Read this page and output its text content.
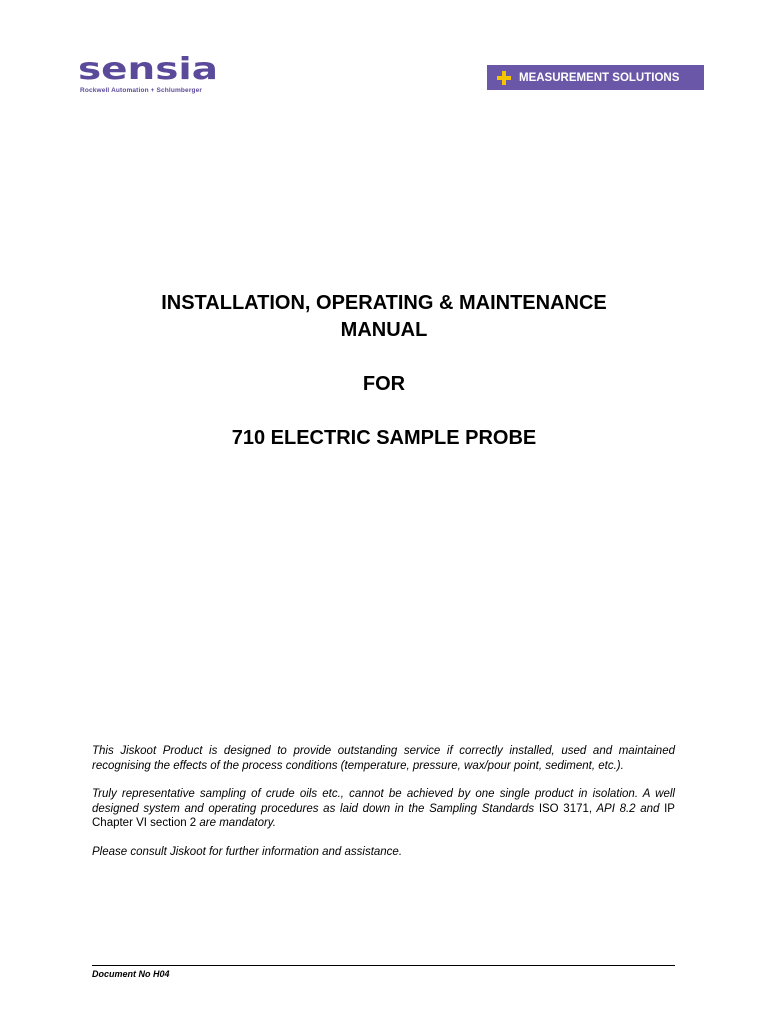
sensia
Rockwell Automation + Schlumberger
MEASUREMENT SOLUTIONS
INSTALLATION, OPERATING & MAINTENANCE
MANUAL
FOR
710 ELECTRIC SAMPLE PROBE

This Jiskoot Product is designed to provide outstanding service if correctly installed, used and maintained recognising the effects of the process conditions (temperature, pressure, wax/pour point, sediment, etc.).

Truly representative sampling of crude oils etc., cannot be achieved by one single product in isolation. A well designed system and operating procedures as laid down in the Sampling Standards ISO 3171, API 8.2 and IP Chapter VI section 2 are mandatory.

Please consult Jiskoot for further information and assistance.

Document No H04
